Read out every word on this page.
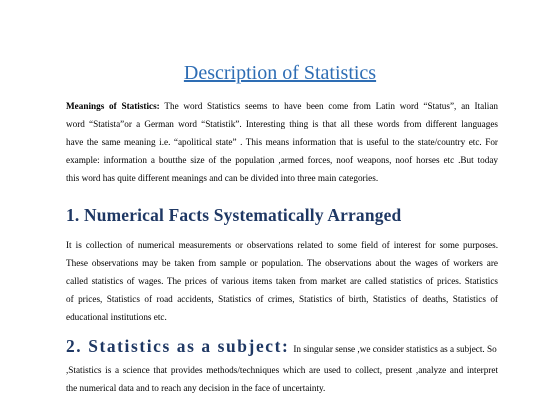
Description of Statistics

Meanings of Statistics: The word Statistics seems to have been come from Latin word “Status”, an Italian

word “Statista”or a German word “Statistik”. Interesting thing is that all these words from different languages

have the same meaning i.e. “apolitical state” . This means information that is useful to the state/country etc. For

example: information a boutthe size of the population ,armed forces, noof weapons, noof horses etc .But today

this word has quite different meanings and can be divided into three main categories.

1. Numerical Facts Systematically Arranged

It is collection of numerical measurements or observations related to some field of interest for some purposes.

These observations may be taken from sample or population. The observations about the wages of workers are

called statistics of wages. The prices of various items taken from market are called statistics of prices. Statistics

of prices, Statistics of road accidents, Statistics of crimes, Statistics of birth, Statistics of deaths, Statistics of

educational institutions etc.

2. Statistics as a subject: In singular sense ,we consider statistics as a subject. So

,Statistics is a science that provides methods/techniques which are used to collect, present ,analyze and interpret

the numerical data and to reach any decision in the face of uncertainty.
